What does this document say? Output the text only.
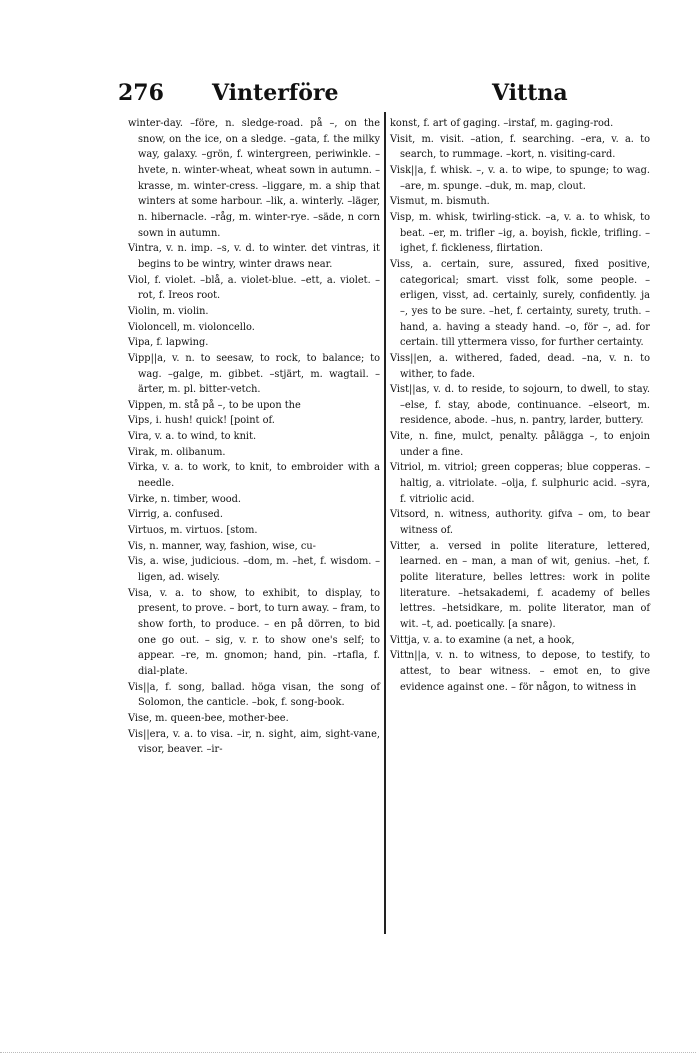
276 Vinterföre	Vittna

winter-day. –före, n. sledge-road. på –, on the snow, on the ice, on a sledge. –gata, f. the milky way, galaxy. –grön, f. wintergreen, periwinkle. –hvete, n. winter-wheat, wheat sown in autumn. –krasse, m. winter-cress. –liggare, m. a ship that winters at some harbour. –lik, a. winterly. –läger, n. hibernacle. –råg, m. winter-rye. –säde, n corn sown in autumn.

Vintra, v. n. imp. –s, v. d. to winter. det vintras, it begins to be wintry, winter draws near.

Viol, f. violet. –blå, a. violet-blue. –ett, a. violet. –rot, f. Ireos root.

Violin, m. violin.

Violoncell, m. violoncello.

Vipa, f. lapwing.

Vipp||a, v. n. to seesaw, to rock, to balance; to wag. –galge, m. gibbet. –stjärt, m. wagtail. –ärter, m. pl. bitter-vetch.

Vippen, m. stå på –, to be upon the

Vips, i. hush! quick! [point of.

Vira, v. a. to wind, to knit.

Virak, m. olibanum.

Virka, v. a. to work, to knit, to embroider with a needle.

Virke, n. timber, wood.

Virrig, a. confused.

Virtuos, m. virtuos. [stom.

Vis, n. manner, way, fashion, wise, cu-

Vis, a. wise, judicious. –dom, m. –het, f. wisdom. –ligen, ad. wisely.

Visa, v. a. to show, to exhibit, to display, to present, to prove. – bort, to turn away. – fram, to show forth, to produce. – en på dörren, to bid one go out. – sig, v. r. to show one's self; to appear. –re, m. gnomon; hand, pin. –rtafla, f. dial-plate.

Vis||a, f. song, ballad. höga visan, the song of Solomon, the canticle. –bok, f. song-book.

Vise, m. queen-bee, mother-bee.

Vis||era, v. a. to visa. –ir, n. sight, aim, sight-vane, visor, beaver. –ir-

konst, f. art of gaging. –irstaf, m. gaging-rod.

Visit, m. visit. –ation, f. searching. –era, v. a. to search, to rummage. –kort, n. visiting-card.

Visk||a, f. whisk. –, v. a. to wipe, to spunge; to wag. –are, m. spunge. –duk, m. map, clout.

Vismut, m. bismuth.

Visp, m. whisk, twirling-stick. –a, v. a. to whisk, to beat. –er, m. trifler –ig, a. boyish, fickle, trifling. –ighet, f. fickleness, flirtation.

Viss, a. certain, sure, assured, fixed positive, categorical; smart. visst folk, some people. –erligen, visst, ad. certainly, surely, confidently. ja –, yes to be sure. –het, f. certainty, surety, truth. –hand, a. having a steady hand. –o, för –, ad. for certain. till yttermera visso, for further certainty.

Viss||en, a. withered, faded, dead. –na, v. n. to wither, to fade.

Vist||as, v. d. to reside, to sojourn, to dwell, to stay. –else, f. stay, abode, continuance. –elseort, m. residence, abode. –hus, n. pantry, larder, buttery.

Vite, n. fine, mulct, penalty. pålägga –, to enjoin under a fine.

Vitriol, m. vitriol; green copperas; blue copperas. –haltig, a. vitriolate. –olja, f. sulphuric acid. –syra, f. vitriolic acid.

Vitsord, n. witness, authority. gifva – om, to bear witness of.

Vitter, a. versed in polite literature, lettered, learned. en – man, a man of wit, genius. –het, f. polite literature, belles lettres: work in polite literature. –hetsakademi, f. academy of belles lettres. –hetsidkare, m. polite literator, man of wit. –t, ad. poetically. [a snare).

Vittja, v. a. to examine (a net, a hook,

Vittn||a, v. n. to witness, to depose, to testify, to attest, to bear witness. – emot en, to give evidence against one. – för någon, to witness in
